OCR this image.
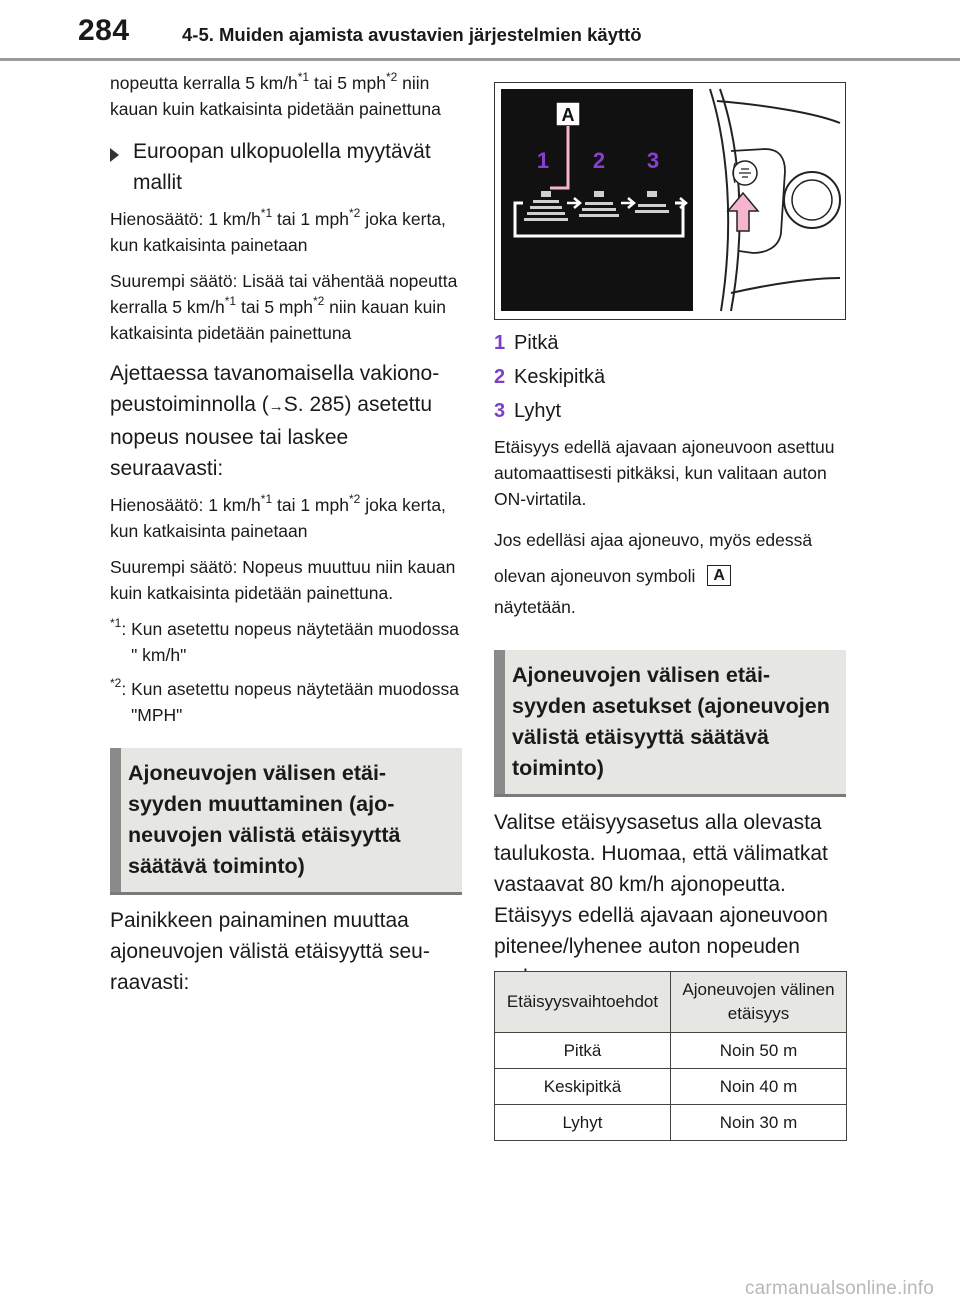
284	4-5. Muiden ajamista avustavien järjestelmien käyttö

nopeutta kerralla 5 $km/h^{*1}$ tai 5 mph$^{*2}$ niin kauan kuin katkaisinta pidetään painettuna

Euroopan ulkopuolella myytävät mallit

Hienosäätö: 1 $km/h^{*1}$ tai 1 mph$^{*2}$ joka kerta, kun katkaisinta painetaan

Suurempi säätö: Lisää tai vähentää nopeutta kerralla 5 $km/h^{*1}$ tai 5 mph$^{*2}$ niin kauan kuin katkaisinta pidetään painettuna

Ajettaessa tavanomaisella vakionopeustoiminnolla (→S. 285) asetettu nopeus nousee tai laskee seuraavasti:

Hienosäätö: 1 $km/h^{*1}$ tai 1 mph$^{*2}$ joka kerta, kun katkaisinta painetaan

Suurempi säätö: Nopeus muuttuu niin kauan kuin katkaisinta pidetään painettuna.

$^{*1}$: Kun asetettu nopeus näytetään muodossa " km/h"
$^{*2}$: Kun asetettu nopeus näytetään muodossa "MPH"
Ajoneuvojen välisen etäisyyden muuttaminen (ajoneuvojen välistä etäisyyttä säätävä toiminto)

Painikkeen painaminen muuttaa ajoneuvojen välistä etäisyyttä seuraavasti:

A
1 2 3
1 Pitkä
2 Keskipitkä
3 Lyhyt

Etäisyys edellä ajavaan ajoneuvoon asettuu automaattisesti pitkäksi, kun valitaan auton ON-virtatila.

Jos edelläsi ajaa ajoneuvo, myös edessä olevan ajoneuvon symboli A
näytetään.

Ajoneuvojen välisen etäisyyden asetukset (ajoneuvojen välistä etäisyyttä säätävä toiminto)

Valitse etäisyysasetus alla olevasta taulukosta. Huomaa, että välimatkat vastaavat 80 km/h ajonopeutta. Etäisyys edellä ajavaan ajoneuvoon pitenee/lyhenee auton nopeuden

Etäisyysvaihtoehdot	Ajoneuvojen välinen etäisyys
Pitkä	Noin 50 m
Keskipitkä	Noin 40 m
Lyhyt	Noin 30 m
carmanualsonline.info
